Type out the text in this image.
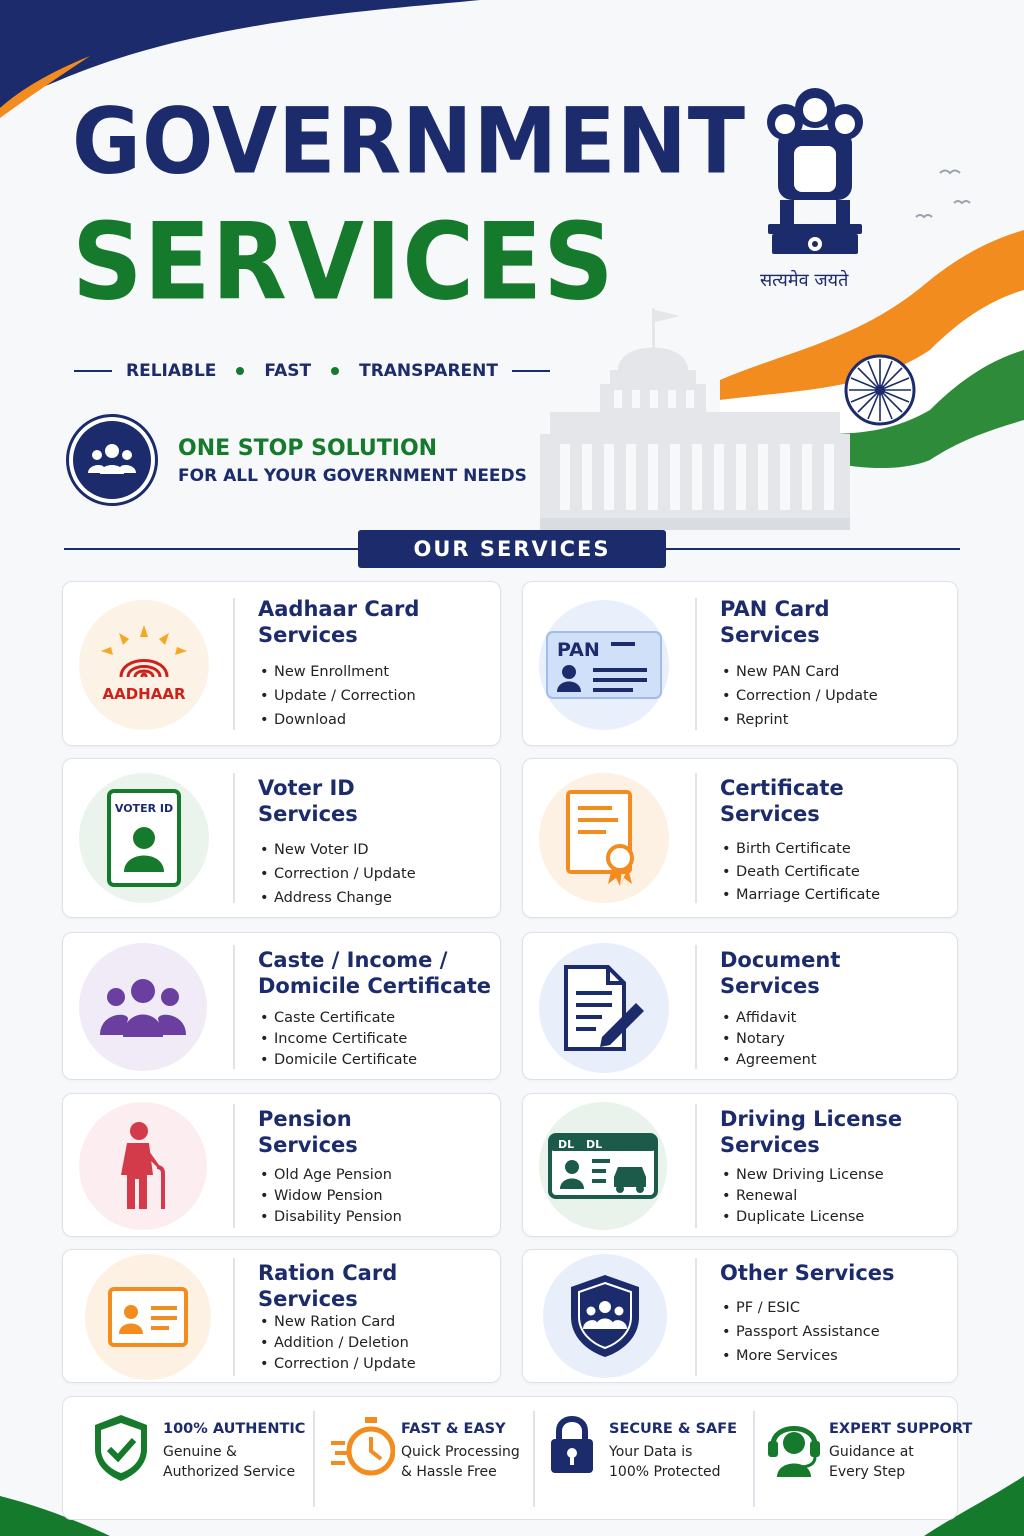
GOVERNMENT
SERVICES
RELIABLE	FAST	TRANSPARENT
ONE STOP SOLUTION
FOR ALL YOUR GOVERNMENT NEEDS
सत्यमेव जयते
OUR SERVICES
AADHAAR
Aadhaar Card
Services
• New Enrollment
• Update / Correction
• Download
PAN
PAN Card
Services
• New PAN Card
• Correction / Update
• Reprint
VOTER ID
Voter ID
Services
• New Voter ID
• Correction / Update
• Address Change
Certificate
Services
• Birth Certificate
• Death Certificate
• Marriage Certificate
Caste / Income /
Domicile Certificate
• Caste Certificate
• Income Certificate
• Domicile Certificate
Document
Services
• Affidavit
• Notary
• Agreement
Pension
Services
• Old Age Pension
• Widow Pension
• Disability Pension
DL DL
Driving License
Services
• New Driving License
• Renewal
• Duplicate License
Ration Card
Services
• New Ration Card
• Addition / Deletion
• Correction / Update
Other Services
• PF / ESIC
• Passport Assistance
• More Services
100% AUTHENTIC
Genuine &
Authorized Service
FAST & EASY
Quick Processing
& Hassle Free
SECURE & SAFE
Your Data is
100% Protected
EXPERT SUPPORT
Guidance at
Every Step
